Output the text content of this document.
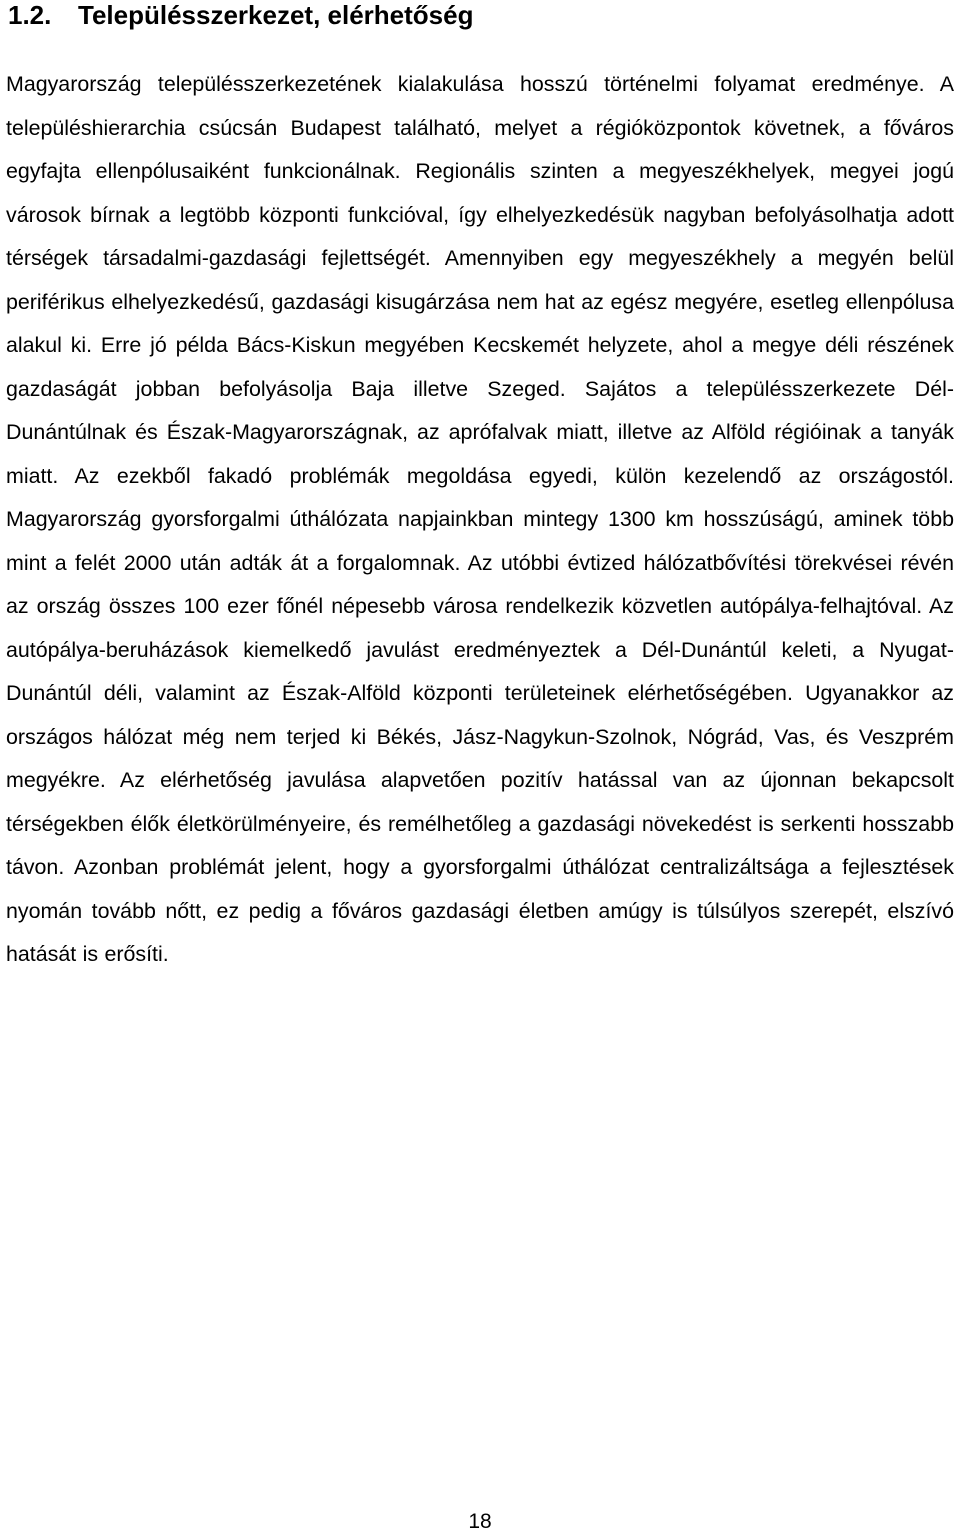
1.2. Településszerkezet, elérhetőség

Magyarország településszerkezetének kialakulása hosszú történelmi folyamat eredménye. A településhierarchia csúcsán Budapest található, melyet a régióközpontok követnek, a főváros egyfajta ellenpólusaiként funkcionálnak. Regionális szinten a megyeszékhelyek, megyei jogú városok bírnak a legtöbb központi funkcióval, így elhelyezkedésük nagyban befolyásolhatja adott térségek társadalmi-gazdasági fejlettségét. Amennyiben egy megyeszékhely a megyén belül periférikus elhelyezkedésű, gazdasági kisugárzása nem hat az egész megyére, esetleg ellenpólusa alakul ki. Erre jó példa Bács-Kiskun megyében Kecskemét helyzete, ahol a megye déli részének gazdaságát jobban befolyásolja Baja illetve Szeged. Sajátos a településszerkezete Dél-Dunántúlnak és Észak-Magyarországnak, az aprófalvak miatt, illetve az Alföld régióinak a tanyák miatt. Az ezekből fakadó problémák megoldása egyedi, külön kezelendő az országostól. Magyarország gyorsforgalmi úthálózata napjainkban mintegy 1300 km hosszúságú, aminek több mint a felét 2000 után adták át a forgalomnak. Az utóbbi évtized hálózatbővítési törekvései révén az ország összes 100 ezer főnél népesebb városa rendelkezik közvetlen autópálya-felhajtóval. Az autópálya-beruházások kiemelkedő javulást eredményeztek a Dél-Dunántúl keleti, a Nyugat-Dunántúl déli, valamint az Észak-Alföld központi területeinek elérhetőségében. Ugyanakkor az országos hálózat még nem terjed ki Békés, Jász-Nagykun-Szolnok, Nógrád, Vas, és Veszprém megyékre. Az elérhetőség javulása alapvetően pozitív hatással van az újonnan bekapcsolt térségekben élők életkörülményeire, és remélhetőleg a gazdasági növekedést is serkenti hosszabb távon. Azonban problémát jelent, hogy a gyorsforgalmi úthálózat centralizáltsága a fejlesztések nyomán tovább nőtt, ez pedig a főváros gazdasági életben amúgy is túlsúlyos szerepét, elszívó hatását is erősíti.

18
